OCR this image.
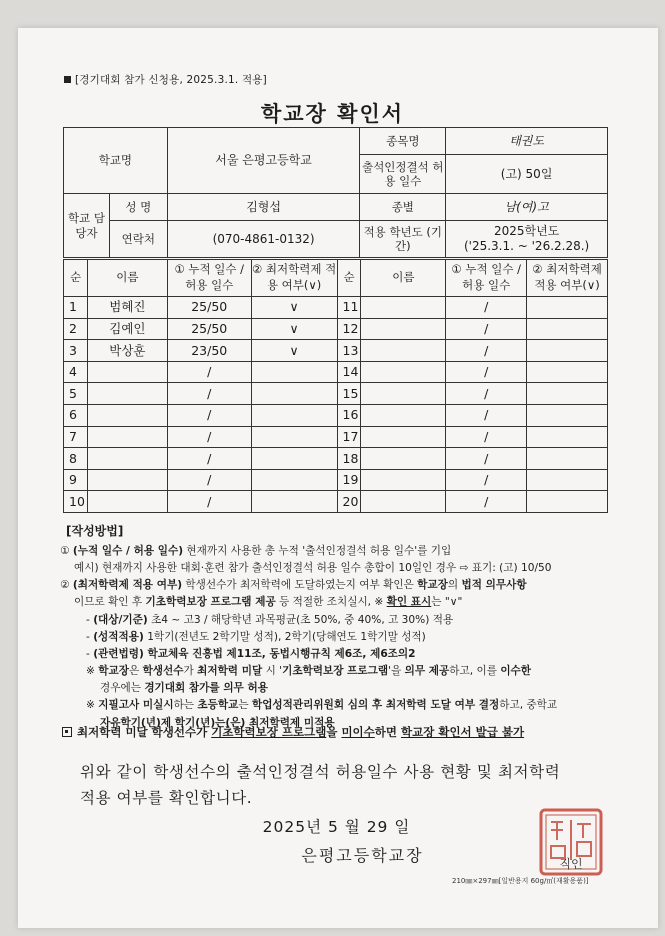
[경기대회 참가 신청용, 2025.3.1. 적용]
학교장 확인서
학교명		서울 은평고등학교	종목명	태권도
			출석인정결석 허용 일수	(고) 50일
학교 담당자	성 명	김형섭	종별	남(여)고
	연락처	(070-4861-0132)	적용 학년도 (기간)	2025학년도
('25.3.1. ~ '26.2.28.)
순	이름	① 누적 일수 / 허용 일수	② 최저학력제 적용 여부(∨)	순	이름	① 누적 일수 / 허용 일수	② 최저학력제 적용 여부(∨)
1	범혜진	25/50	∨	11		/	
2	김예인	25/50	∨	12		/	
3	박상훈	23/50	∨	13		/	
4		/		14		/	
5		/		15		/	
6		/		16		/	
7		/		17		/	
8		/		18		/	
9		/		19		/	
10		/		20		/	
[작성방법]
① (누적 일수 / 허용 일수) 현재까지 사용한 총 누적 '출석인정결석 허용 일수'를 기입
예시) 현재까지 사용한 대회·훈련 참가 출석인정결석 허용 일수 총합이 10일인 경우 ⇨ 표기: (고) 10/50
② (최저학력제 적용 여부) 학생선수가 최저학력에 도달하였는지 여부 확인은 학교장의 법적 의무사항
이므로 확인 후 기초학력보장 프로그램 제공 등 적절한 조치실시, ※ 확인 표시는 "∨"
- (대상/기준) 초4 ~ 고3 / 해당학년 과목평균(초 50%, 중 40%, 고 30%) 적용
- (성적적용) 1학기(전년도 2학기말 성적), 2학기(당해연도 1학기말 성적)
- (관련법령) 학교체육 진흥법 제11조, 동법시행규칙 제6조, 제6조의2
※ 학교장은 학생선수가 최저학력 미달 시 '기초학력보장 프로그램'을 의무 제공하고, 이를 이수한
경우에는 경기대회 참가를 의무 허용
※ 지필고사 미실시하는 초등학교는 학업성적관리위원회 심의 후 최저학력 도달 여부 결정하고, 중학교
자유학기(년)제 학기(년)는(은) 최저학력제 미적용
최저학력 미달 학생선수가 기초학력보장 프로그램을 미이수하면 학교장 확인서 발급 불가
위와 같이 학생선수의 출석인정결석 허용일수 사용 현황 및 최저학력
적용 여부를 확인합니다.
2025년 5 월 29 일
은평고등학교장	직인
210㎜×297㎜[일반용지 60g/㎡(재활용품)]
